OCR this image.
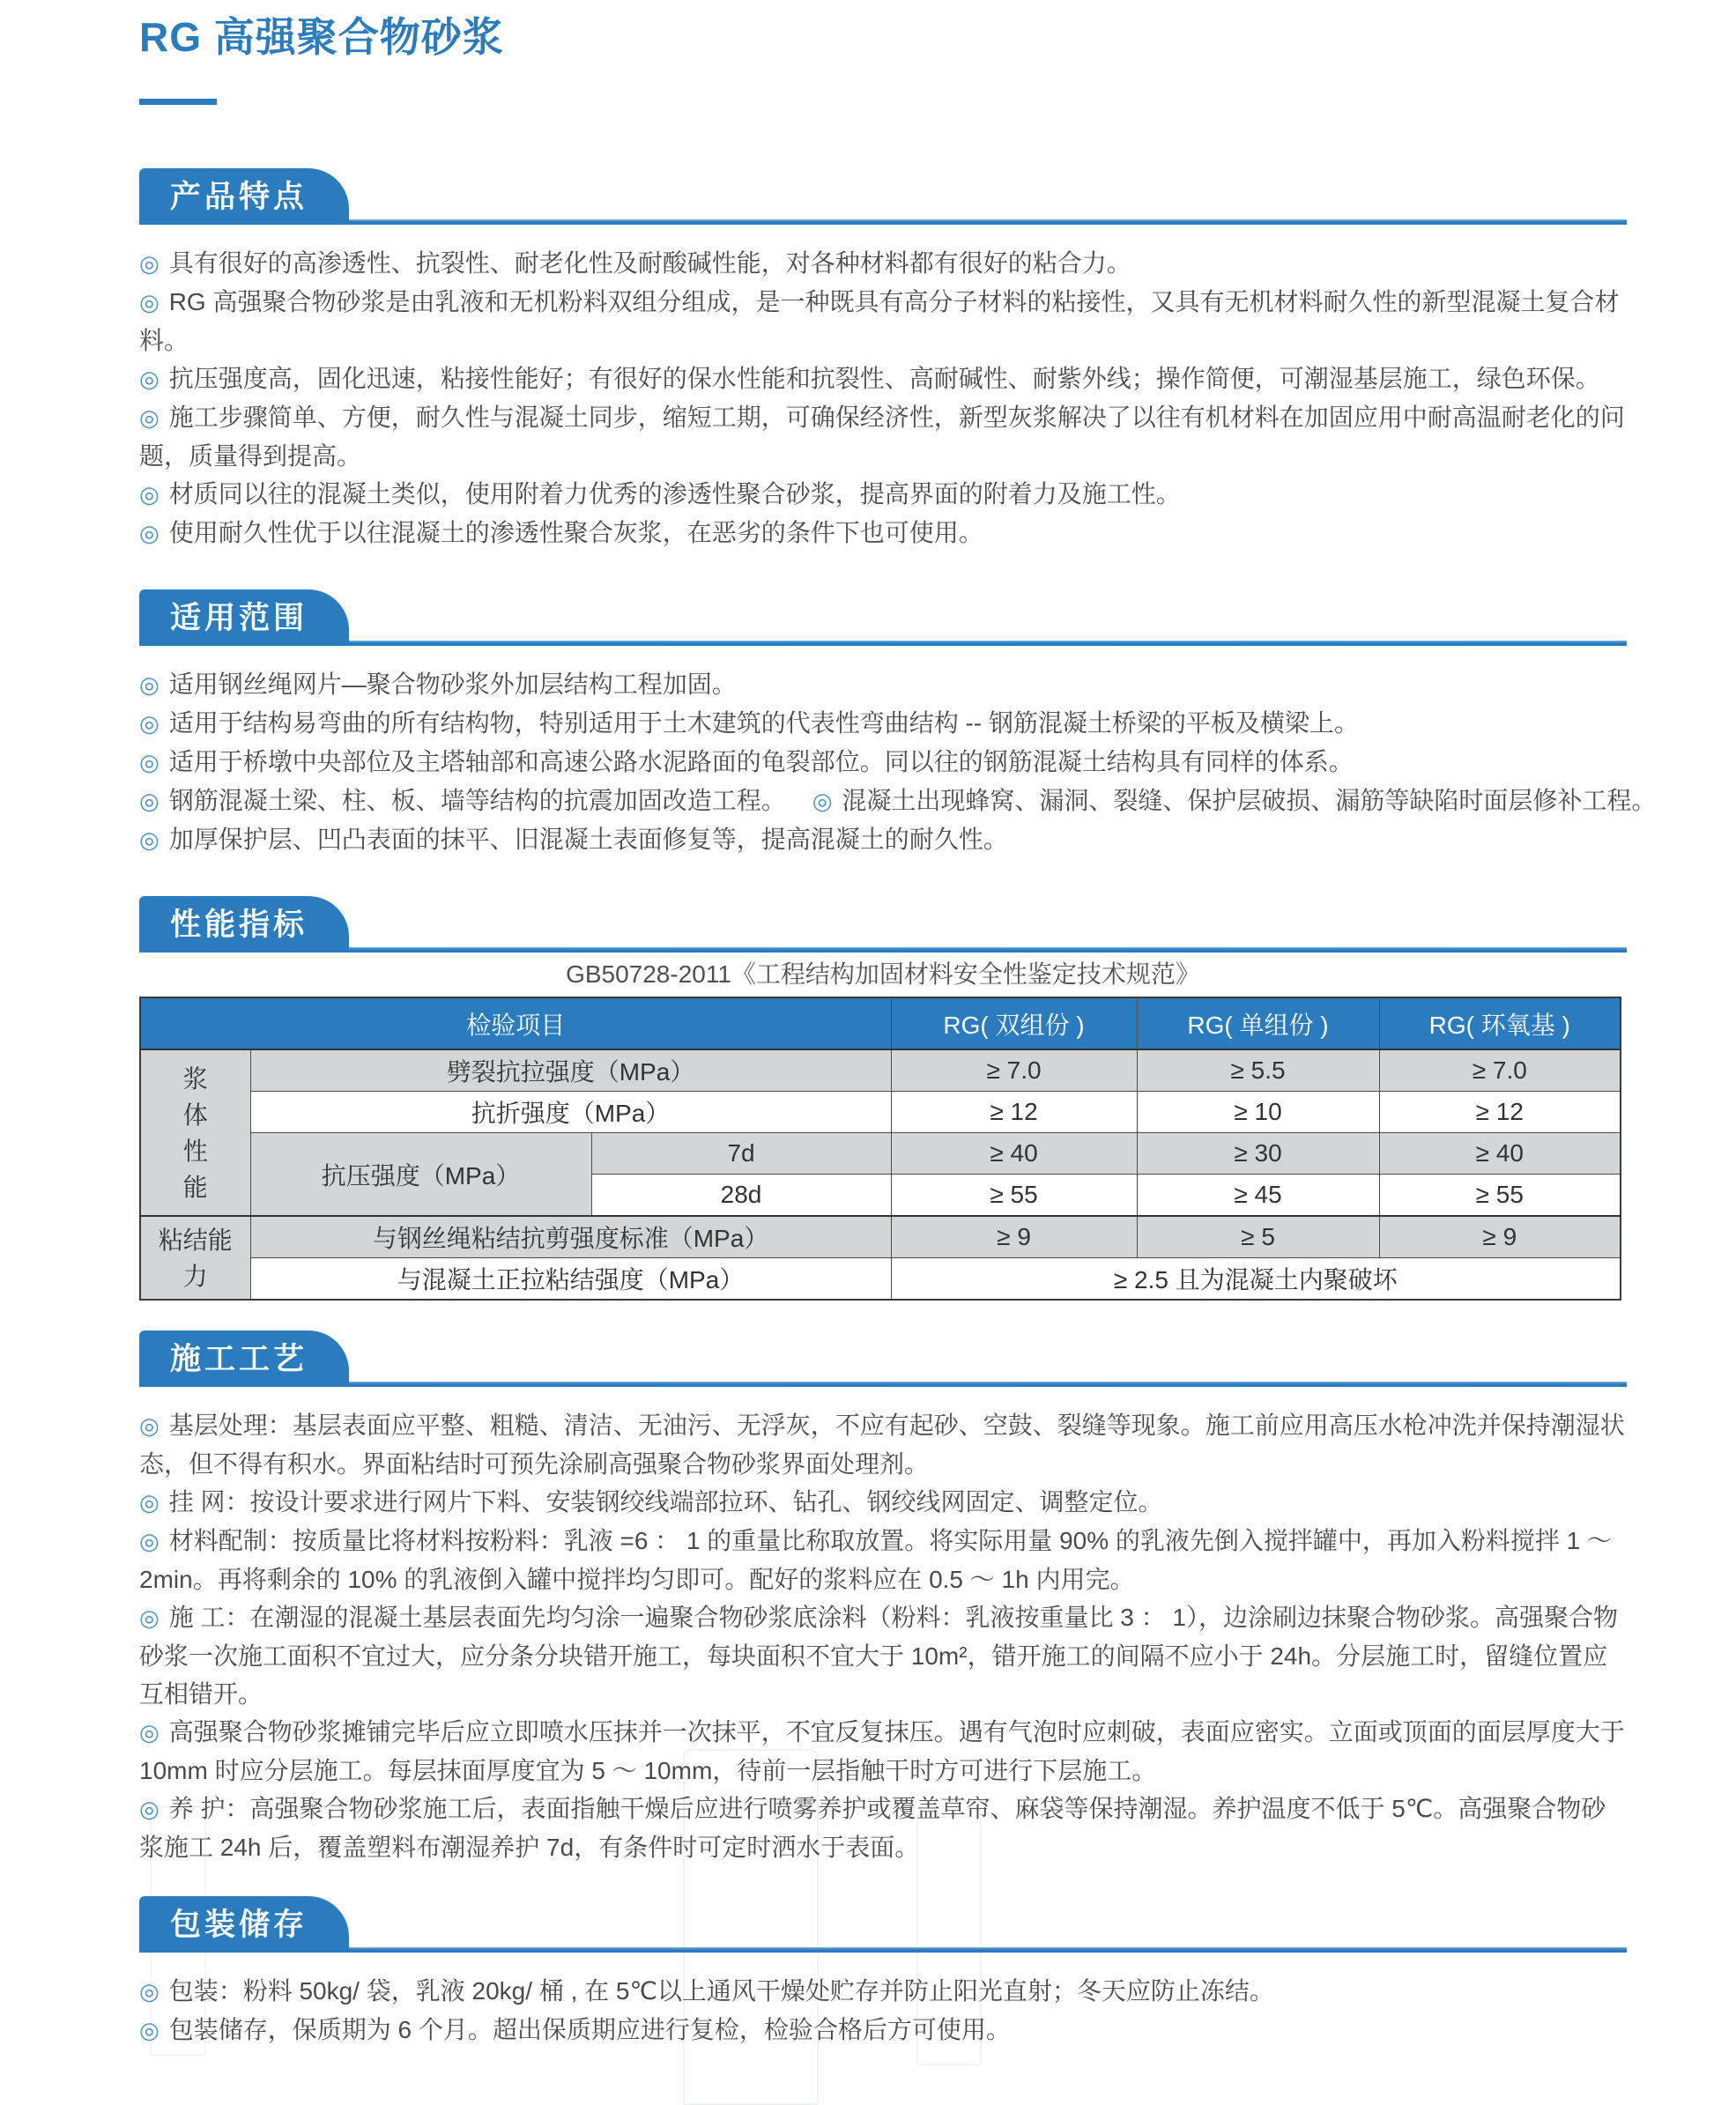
RG 高强聚合物砂浆
产品特点
◎ 具有很好的高渗透性、抗裂性、耐老化性及耐酸碱性能，对各种材料都有很好的粘合力。
◎ RG 高强聚合物砂浆是由乳液和无机粉料双组分组成，是一种既具有高分子材料的粘接性，又具有无机材料耐久性的新型混凝土复合材料。
◎ 抗压强度高，固化迅速，粘接性能好；有很好的保水性能和抗裂性、高耐碱性、耐紫外线；操作简便，可潮湿基层施工，绿色环保。
◎ 施工步骤简单、方便，耐久性与混凝土同步，缩短工期，可确保经济性，新型灰浆解决了以往有机材料在加固应用中耐高温耐老化的问题，质量得到提高。
◎ 材质同以往的混凝土类似，使用附着力优秀的渗透性聚合砂浆，提高界面的附着力及施工性。
◎ 使用耐久性优于以往混凝土的渗透性聚合灰浆，在恶劣的条件下也可使用。
适用范围
◎ 适用钢丝绳网片—聚合物砂浆外加层结构工程加固。
◎ 适用于结构易弯曲的所有结构物，特别适用于土木建筑的代表性弯曲结构 -- 钢筋混凝土桥梁的平板及横梁上。
◎ 适用于桥墩中央部位及主塔轴部和高速公路水泥路面的龟裂部位。同以往的钢筋混凝土结构具有同样的体系。
◎ 钢筋混凝土梁、柱、板、墙等结构的抗震加固改造工程。 ◎ 混凝土出现蜂窝、漏洞、裂缝、保护层破损、漏筋等缺陷时面层修补工程。
◎ 加厚保护层、凹凸表面的抹平、旧混凝土表面修复等，提高混凝土的耐久性。
性能指标
GB50728-2011《工程结构加固材料安全性鉴定技术规范》
检验项目			RG( 双组份 )	RG( 单组份 )	RG( 环氧基 )

浆体性能	劈裂抗拉强度（MPa）		≥ 7.0	≥ 5.5	≥ 7.0
	抗折强度（MPa）		≥ 12	≥ 10	≥ 12
	抗压强度（MPa）	7d	≥ 40	≥ 30	≥ 40
		28d	≥ 55	≥ 45	≥ 55

粘结能力	与钢丝绳粘结抗剪强度标准（MPa）		≥ 9	≥ 5	≥ 9
	与混凝土正拉粘结强度（MPa）		≥ 2.5 且为混凝土内聚破坏		
施工工艺
◎ 基层处理：基层表面应平整、粗糙、清洁、无油污、无浮灰，不应有起砂、空鼓、裂缝等现象。施工前应用高压水枪冲洗并保持潮湿状态，但不得有积水。界面粘结时可预先涂刷高强聚合物砂浆界面处理剂。
◎ 挂 网：按设计要求进行网片下料、安装钢绞线端部拉环、钻孔、钢绞线网固定、调整定位。
◎ 材料配制：按质量比将材料按粉料：乳液 =6 ： 1 的重量比称取放置。将实际用量 90% 的乳液先倒入搅拌罐中，再加入粉料搅拌 1 ～ 2min。再将剩余的 10% 的乳液倒入罐中搅拌均匀即可。配好的浆料应在 0.5 ～ 1h 内用完。
◎ 施 工：在潮湿的混凝土基层表面先均匀涂一遍聚合物砂浆底涂料（粉料：乳液按重量比 3 ： 1），边涂刷边抹聚合物砂浆。高强聚合物砂浆一次施工面积不宜过大，应分条分块错开施工，每块面积不宜大于 10m²，错开施工的间隔不应小于 24h。分层施工时，留缝位置应互相错开。
◎ 高强聚合物砂浆摊铺完毕后应立即喷水压抹并一次抹平，不宜反复抹压。遇有气泡时应刺破，表面应密实。立面或顶面的面层厚度大于 10mm 时应分层施工。每层抹面厚度宜为 5 ～ 10mm，待前一层指触干时方可进行下层施工。
◎ 养 护：高强聚合物砂浆施工后，表面指触干燥后应进行喷雾养护或覆盖草帘、麻袋等保持潮湿。养护温度不低于 5℃。高强聚合物砂浆施工 24h 后，覆盖塑料布潮湿养护 7d，有条件时可定时洒水于表面。
包装储存
◎ 包装：粉料 50kg/ 袋，乳液 20kg/ 桶 , 在 5℃以上通风干燥处贮存并防止阳光直射；冬天应防止冻结。
◎ 包装储存，保质期为 6 个月。超出保质期应进行复检，检验合格后方可使用。
